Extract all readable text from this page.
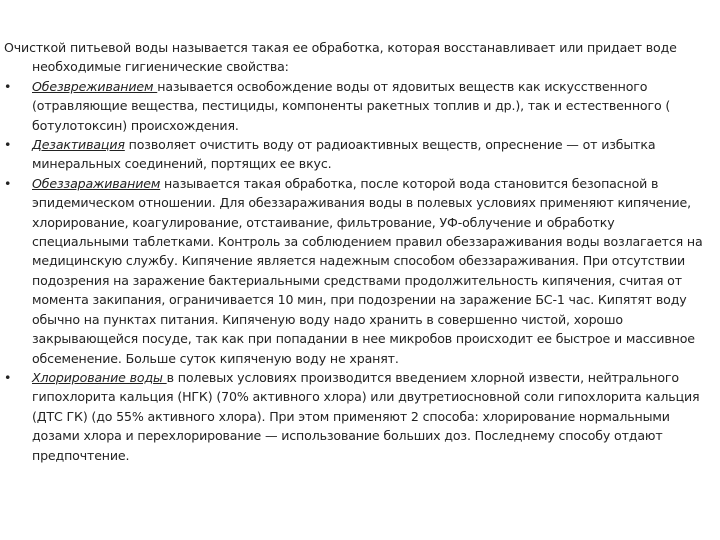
Очисткой питьевой воды называется такая ее обработка, которая восстанавливает или придает воде необходимые гигиенические свойства:

• Обезвреживанием называется освобождение воды от ядовитых веществ как искусственного (отравляющие вещества, пестициды, компоненты ракетных топлив и др.), так и естественного ( ботулотоксин) происхождения.
• Дезактивация позволяет очистить воду от радиоактивных веществ, опреснение — от избытка минеральных соединений, портящих ее вкус.
• Обеззараживанием называется такая обработка, после которой вода становится безопасной в эпидемическом отношении. Для обеззараживания воды в полевых условиях применяют кипячение, хлорирование, коагулирование, отстаивание, фильтрование, УФ-облучение и обработку специальными таблетками. Контроль за соблюдением правил обеззараживания воды возлагается на медицинскую службу. Кипячение является надежным способом обеззараживания. При отсутствии подозрения на заражение бактериальными средствами продолжительность кипячения, считая от момента закипания, ограничивается 10 мин, при подозрении на заражение БС-1 час. Кипятят воду обычно на пунктах питания. Кипяченую воду надо хранить в совершенно чистой, хорошо закрывающейся посуде, так как при попадании в нее микробов происходит ее быстрое и массивное обсеменение. Больше суток кипяченую воду не хранят.
• Хлорирование воды в полевых условиях производится введением хлорной извести, нейтрального гипохлорита кальция (НГК) (70% активного хлора) или двутретиосновной соли гипохлорита кальция (ДТС ГК) (до 55% активного хлора). При этом применяют 2 способа: хлорирование нормальными дозами хлора и перехлорирование — использование больших доз. Последнему способу отдают предпочтение.
